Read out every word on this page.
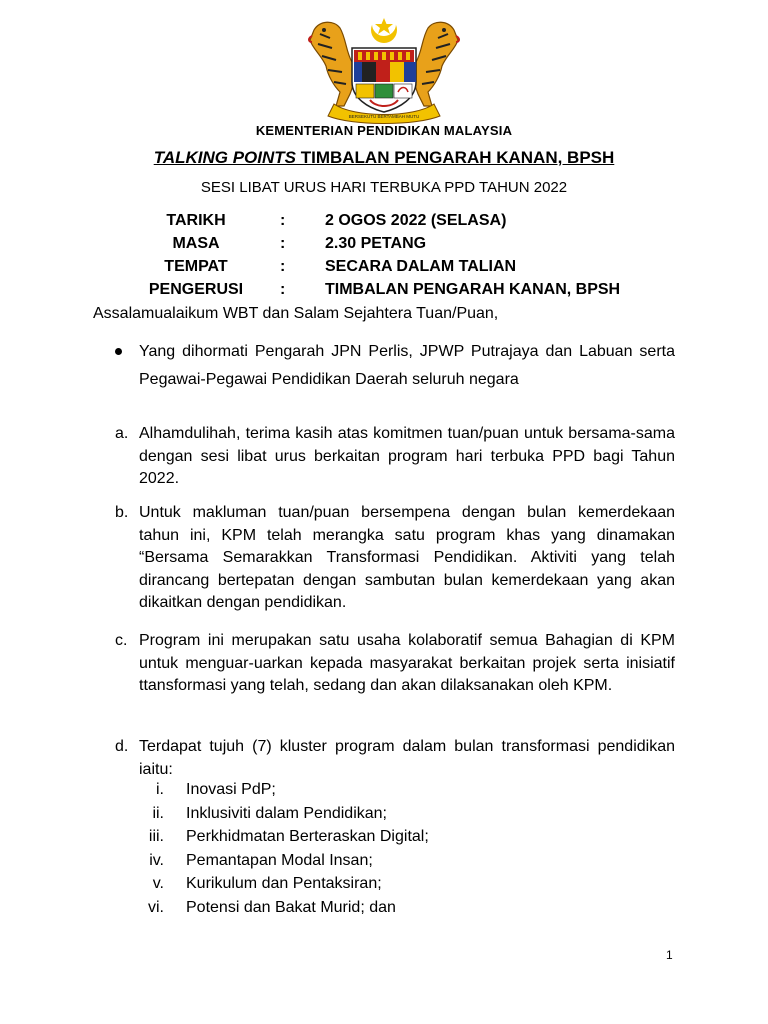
BERSEKUTU BERTAMBAH MUTU
KEMENTERIAN PENDIDIKAN MALAYSIA
TALKING POINTS TIMBALAN PENGARAH KANAN, BPSH
SESI LIBAT URUS HARI TERBUKA PPD TAHUN 2022
TARIKH	: 2 OGOS 2022 (SELASA)
MASA	: 2.30 PETANG
TEMPAT	: SECARA DALAM TALIAN
PENGERUSI	: TIMBALAN PENGARAH KANAN, BPSH
Assalamualaikum WBT dan Salam Sejahtera Tuan/Puan,
Yang dihormati Pengarah JPN Perlis, JPWP Putrajaya dan Labuan serta Pegawai-Pegawai Pendidikan Daerah seluruh negara
a. Alhamdulihah, terima kasih atas komitmen tuan/puan untuk bersama-sama dengan sesi libat urus berkaitan program hari terbuka PPD bagi Tahun 2022.
b. Untuk makluman tuan/puan bersempena dengan bulan kemerdekaan tahun ini, KPM telah merangka satu program khas yang dinamakan “Bersama Semarakkan Transformasi Pendidikan. Aktiviti yang telah dirancang bertepatan dengan sambutan bulan kemerdekaan yang akan dikaitkan dengan pendidikan.
c. Program ini merupakan satu usaha kolaboratif semua Bahagian di KPM untuk menguar-uarkan kepada masyarakat berkaitan projek serta inisiatif ttansformasi yang telah, sedang dan akan dilaksanakan oleh KPM.
d. Terdapat tujuh (7) kluster program dalam bulan transformasi pendidikan iaitu:
i. Inovasi PdP;
ii. Inklusiviti dalam Pendidikan;
iii. Perkhidmatan Berteraskan Digital;
iv. Pemantapan Modal Insan;
v. Kurikulum dan Pentaksiran;
vi. Potensi dan Bakat Murid; dan
1
